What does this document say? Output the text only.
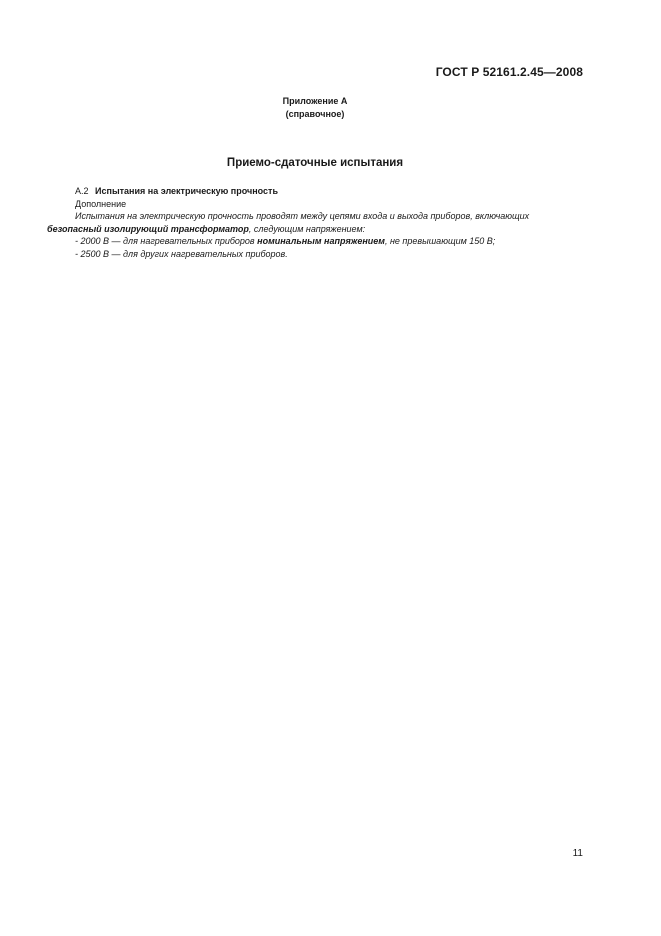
ГОСТ Р 52161.2.45—2008
Приложение А
(справочное)
Приемо-сдаточные испытания
А.2 Испытания на электрическую прочность
Дополнение
Испытания на электрическую прочность проводят между цепями входа и выхода приборов, включающих
безопасный изолирующий трансформатор, следующим напряжением:
- 2000 В — для нагревательных приборов номинальным напряжением, не превышающим 150 В;
- 2500 В — для других нагревательных приборов.
11
